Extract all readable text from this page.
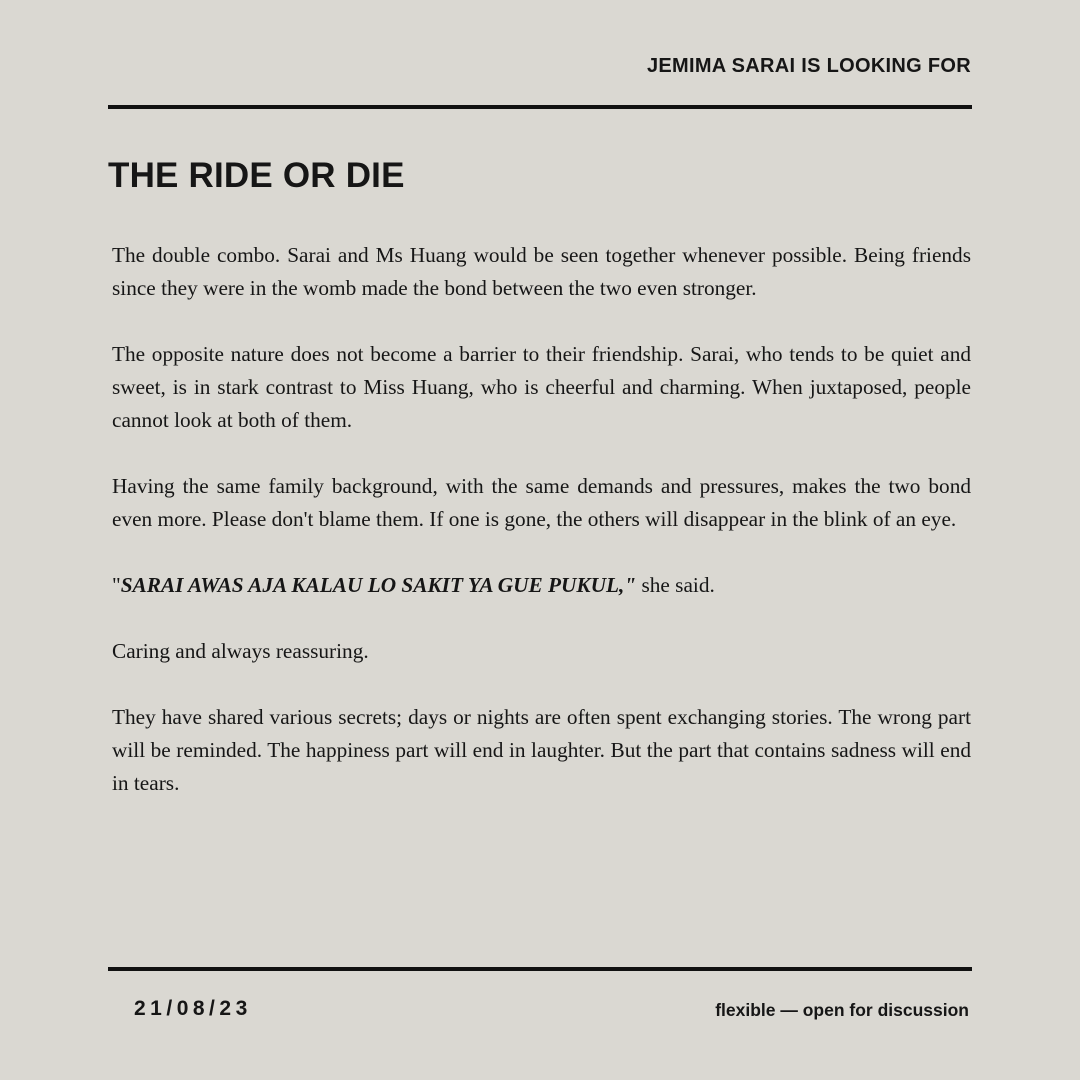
JEMIMA SARAI IS LOOKING FOR
THE RIDE OR DIE

The double combo. Sarai and Ms Huang would be seen together whenever possible. Being friends since they were in the womb made the bond between the two even stronger.

The opposite nature does not become a barrier to their friendship. Sarai, who tends to be quiet and sweet, is in stark contrast to Miss Huang, who is cheerful and charming. When juxtaposed, people cannot look at both of them.

Having the same family background, with the same demands and pressures, makes the two bond even more. Please don't blame them. If one is gone, the others will disappear in the blink of an eye.

"SARAI AWAS AJA KALAU LO SAKIT YA GUE PUKUL," she said.

Caring and always reassuring.

They have shared various secrets; days or nights are often spent exchanging stories. The wrong part will be reminded. The happiness part will end in laughter. But the part that contains sadness will end in tears.

21/08/23	flexible — open for discussion
